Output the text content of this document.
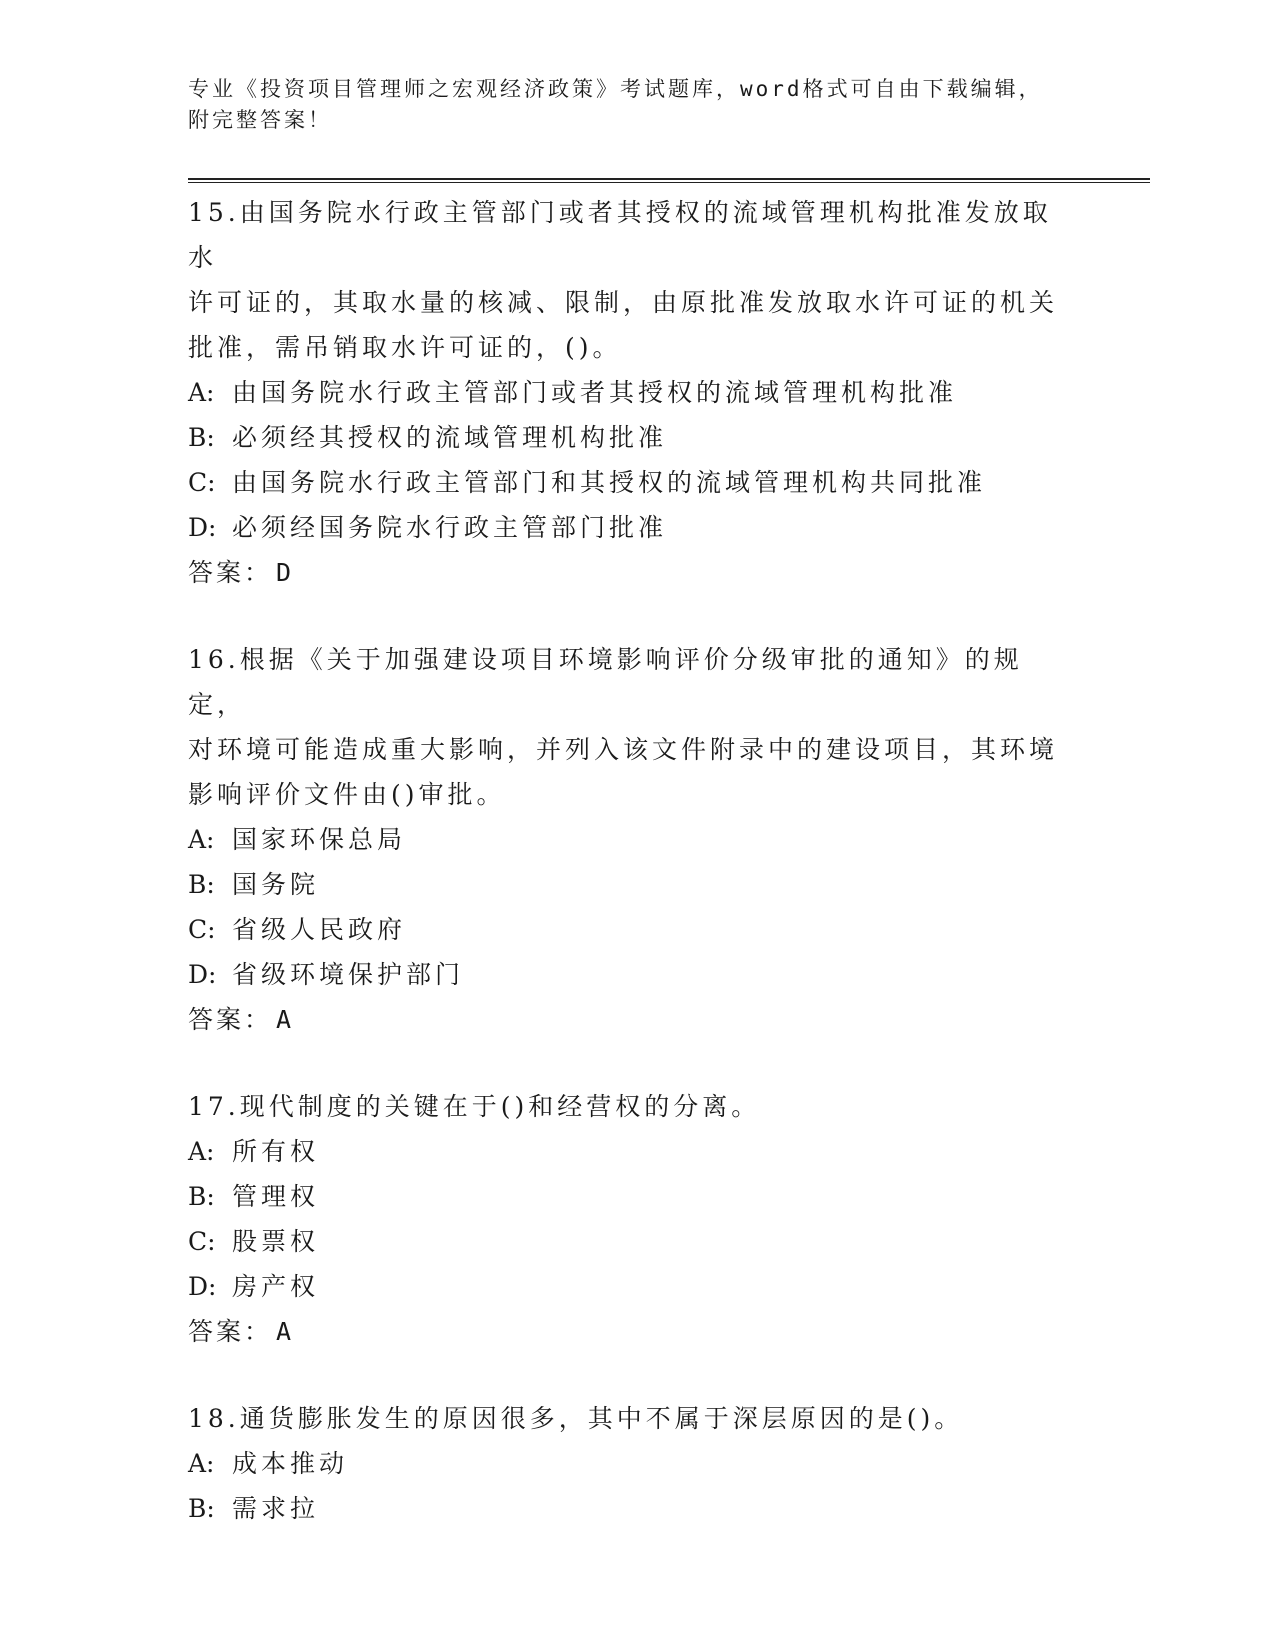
专业《投资项目管理师之宏观经济政策》考试题库，word格式可自由下载编辑，
附完整答案！

15.由国务院水行政主管部门或者其授权的流域管理机构批准发放取水

许可证的，其取水量的核减、限制，由原批准发放取水许可证的机关

批准，需吊销取水许可证的，()。

A: 由国务院水行政主管部门或者其授权的流域管理机构批准

B: 必须经其授权的流域管理机构批准

C: 由国务院水行政主管部门和其授权的流域管理机构共同批准

D: 必须经国务院水行政主管部门批准

答案： D

16.根据《关于加强建设项目环境影响评价分级审批的通知》的规定，

对环境可能造成重大影响，并列入该文件附录中的建设项目，其环境

影响评价文件由()审批。

A: 国家环保总局

B: 国务院

C: 省级人民政府

D: 省级环境保护部门

答案： A

17.现代制度的关键在于()和经营权的分离。

A: 所有权

B: 管理权

C: 股票权

D: 房产权

答案： A

18.通货膨胀发生的原因很多，其中不属于深层原因的是()。

A: 成本推动

B: 需求拉
